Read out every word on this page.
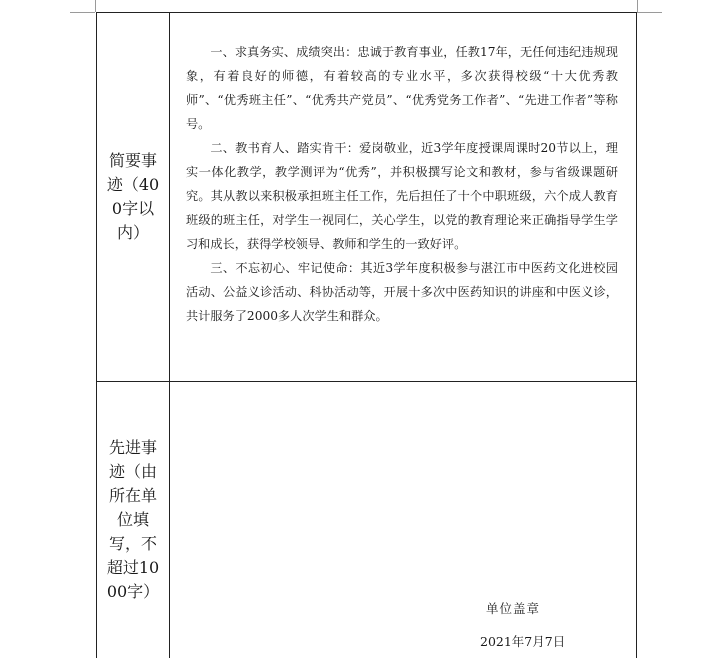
简要事迹（400字以内）

一、求真务实、成绩突出：忠诚于教育事业，任教17年，无任何违纪违规现象，有着良好的师德，有着较高的专业水平，多次获得校级“十大优秀教师”、“优秀班主任”、“优秀共产党员”、“优秀党务工作者”、“先进工作者”等称号。

二、教书育人、踏实肯干：爱岗敬业，近3学年度授课周课时20节以上，理实一体化教学，教学测评为“优秀”，并积极撰写论文和教材，参与省级课题研究。其从教以来积极承担班主任工作，先后担任了十个中职班级，六个成人教育班级的班主任，对学生一视同仁，关心学生，以党的教育理论来正确指导学生学习和成长，获得学校领导、教师和学生的一致好评。

三、不忘初心、牢记使命：其近3学年度积极参与湛江市中医药文化进校园活动、公益义诊活动、科协活动等，开展十多次中医药知识的讲座和中医义诊，共计服务了2000多人次学生和群众。

先进事迹（由所在单位填写，不超过1000字）
单位盖章
2021年7月7日
